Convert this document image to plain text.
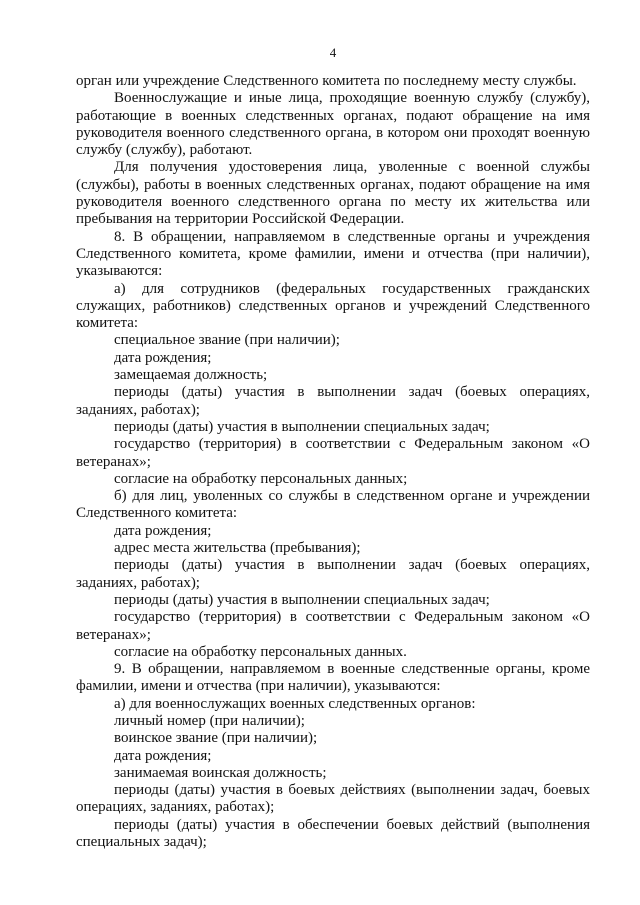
4

орган или учреждение Следственного комитета по последнему месту службы.

Военнослужащие и иные лица, проходящие военную службу (службу), работающие в военных следственных органах, подают обращение на имя руководителя военного следственного органа, в котором они проходят военную службу (службу), работают.

Для получения удостоверения лица, уволенные с военной службы (службы), работы в военных следственных органах, подают обращение на имя руководителя военного следственного органа по месту их жительства или пребывания на территории Российской Федерации.

8. В обращении, направляемом в следственные органы и учреждения Следственного комитета, кроме фамилии, имени и отчества (при наличии), указываются:

а) для сотрудников (федеральных государственных гражданских служащих, работников) следственных органов и учреждений Следственного комитета:

специальное звание (при наличии);

дата рождения;

замещаемая должность;

периоды (даты) участия в выполнении задач (боевых операциях, заданиях, работах);

периоды (даты) участия в выполнении специальных задач;

государство (территория) в соответствии с Федеральным законом «О ветеранах»;

согласие на обработку персональных данных;

б) для лиц, уволенных со службы в следственном органе и учреждении Следственного комитета:

дата рождения;

адрес места жительства (пребывания);

периоды (даты) участия в выполнении задач (боевых операциях, заданиях, работах);

периоды (даты) участия в выполнении специальных задач;

государство (территория) в соответствии с Федеральным законом «О ветеранах»;

согласие на обработку персональных данных.

9. В обращении, направляемом в военные следственные органы, кроме фамилии, имени и отчества (при наличии), указываются:

а) для военнослужащих военных следственных органов:

личный номер (при наличии);

воинское звание (при наличии);

дата рождения;

занимаемая воинская должность;

периоды (даты) участия в боевых действиях (выполнении задач, боевых операциях, заданиях, работах);

периоды (даты) участия в обеспечении боевых действий (выполнения специальных задач);
